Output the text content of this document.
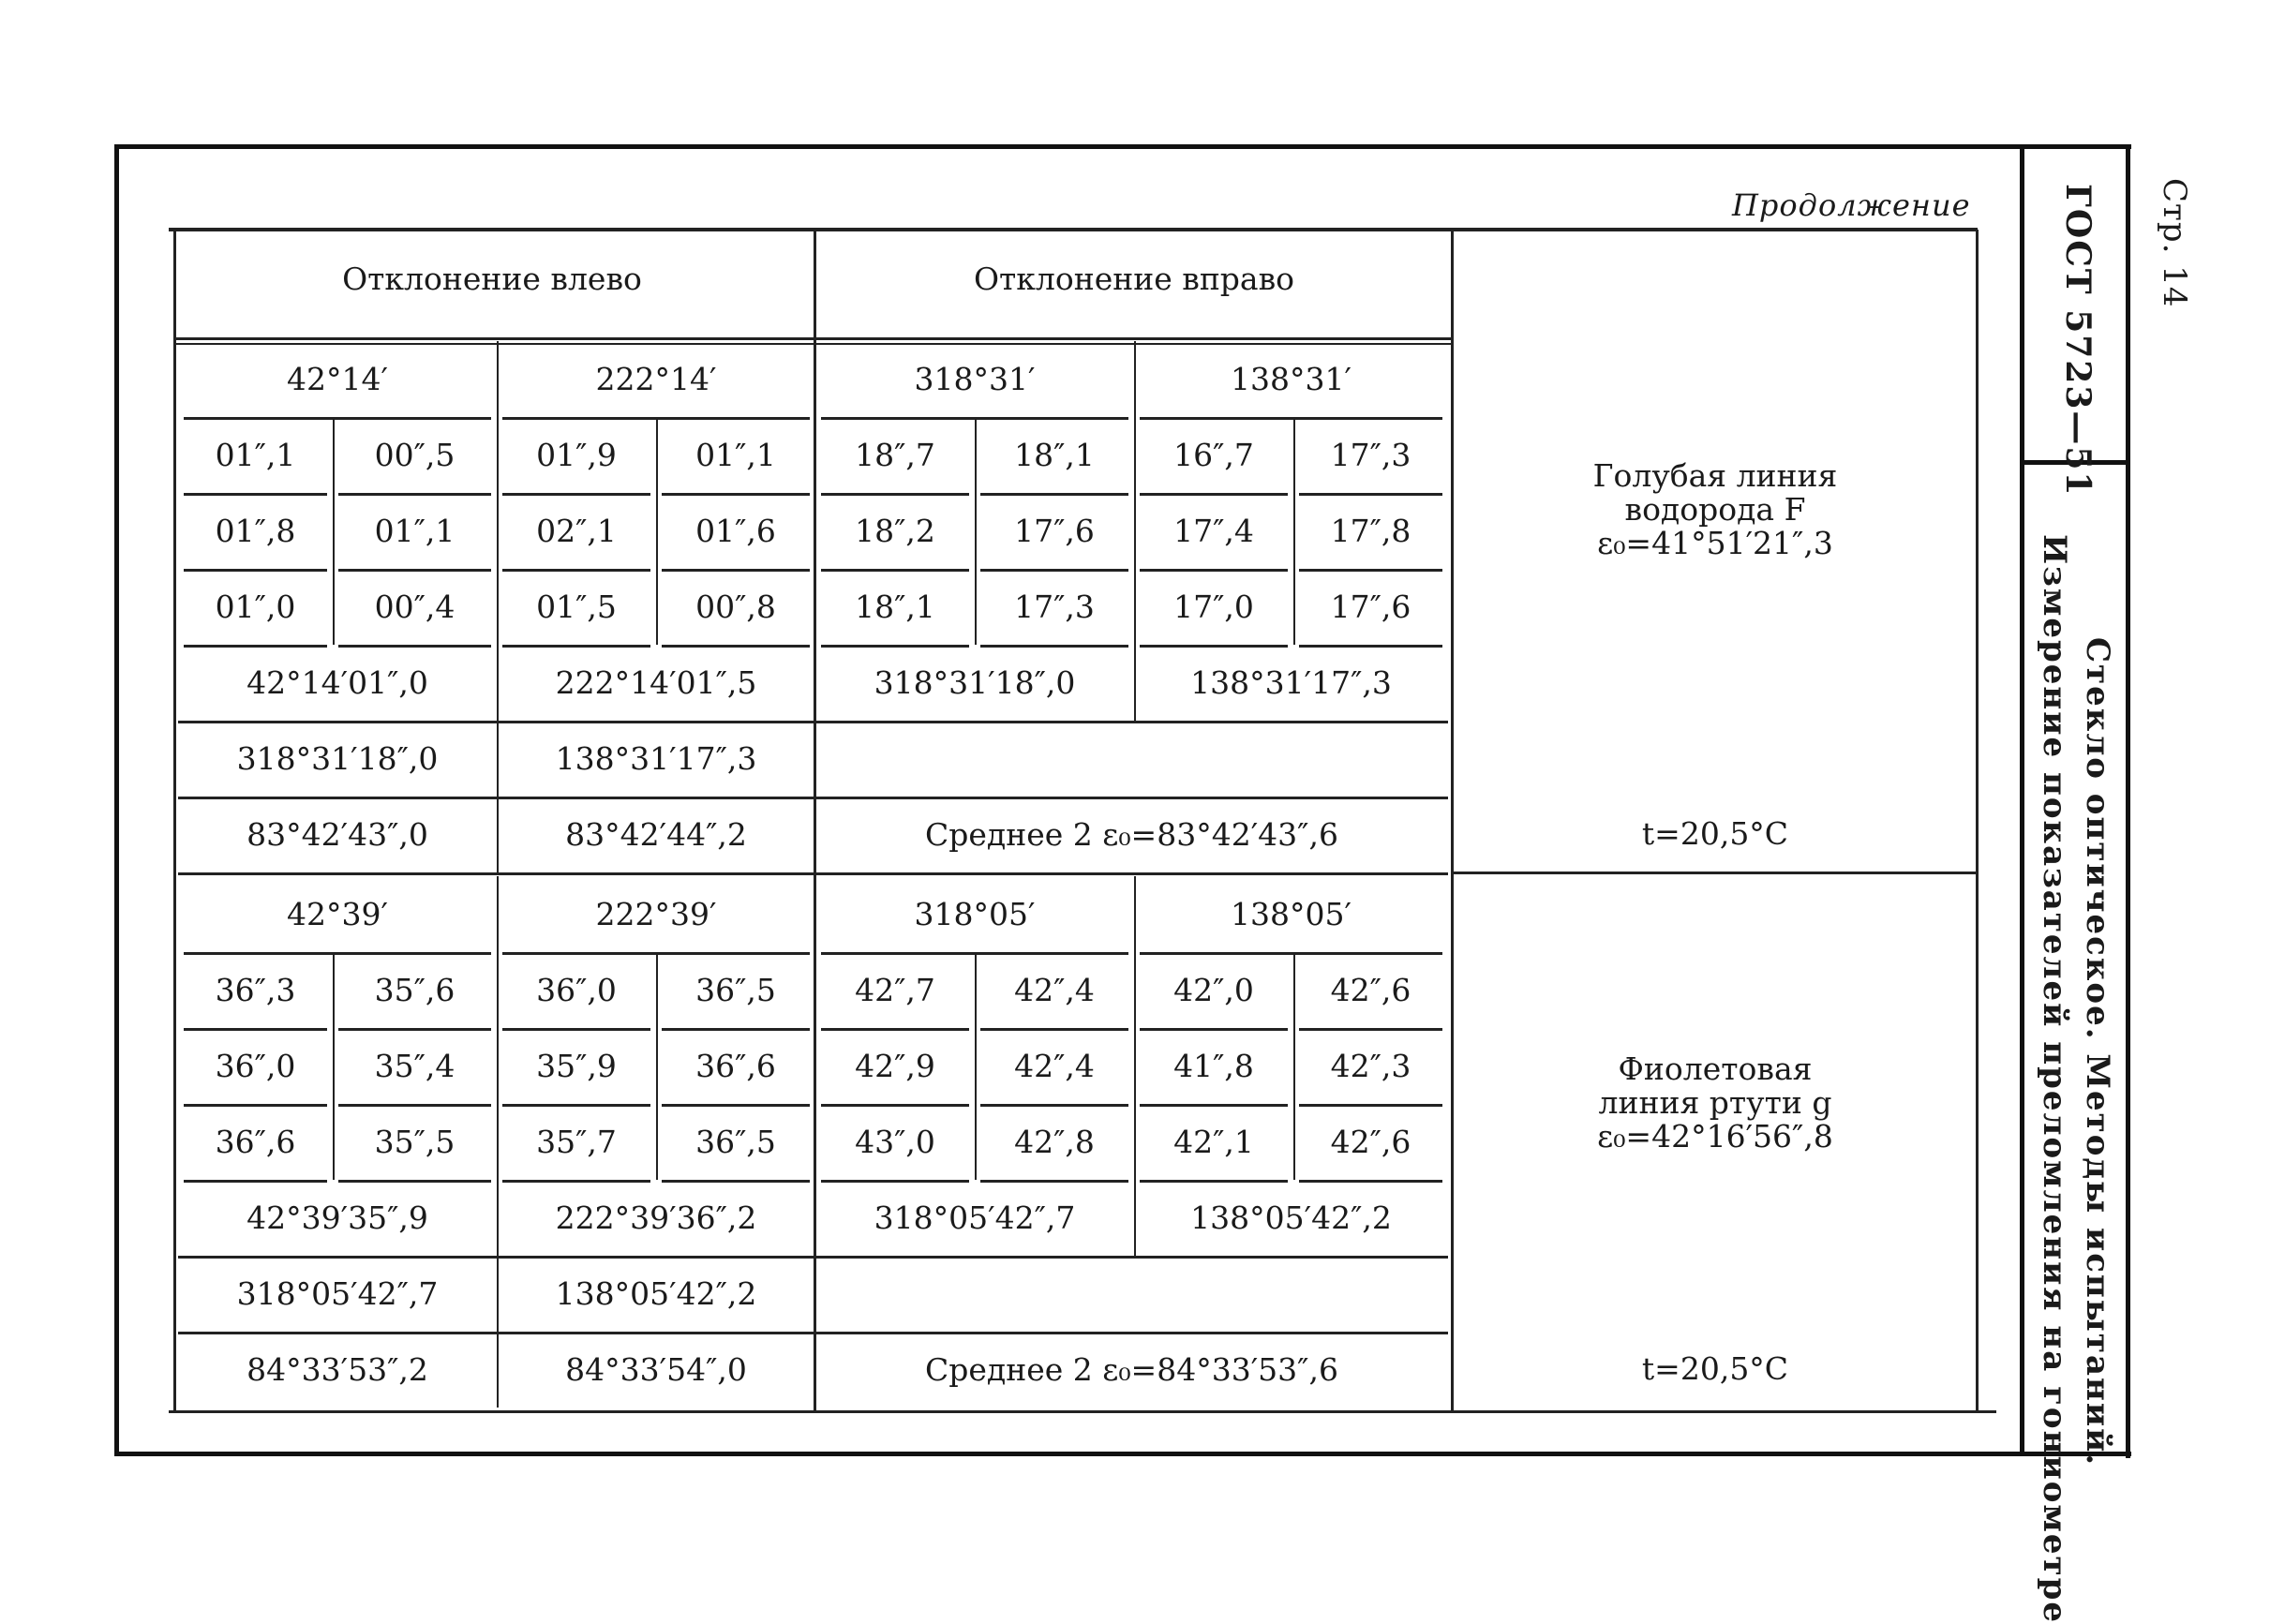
Стр. 14
ГОСТ 5723—51
Стекло оптическое. Методы испытаний.
Измерение показателей преломления на гониометре
Продолжение
Отклонение влево	Отклонение вправо
42°14′	222°14′	318°31′	138°31′
01″,1	00″,5	01″,9	01″,1	18″,7	18″,1	16″,7	17″,3
01″,8	01″,1	02″,1	01″,6	18″,2	17″,6	17″,4	17″,8
01″,0	00″,4	01″,5	00″,8	18″,1	17″,3	17″,0	17″,6
42°14′01″,0	222°14′01″,5	318°31′18″,0	138°31′17″,3
318°31′18″,0	138°31′17″,3
83°42′43″,0	83°42′44″,2	Среднее 2 ε₀=83°42′43″,6
Голубая линия
водорода F
ε₀=41°51′21″,3
t=20,5°C
42°39′	222°39′	318°05′	138°05′
36″,3	35″,6	36″,0	36″,5	42″,7	42″,4	42″,0	42″,6
36″,0	35″,4	35″,9	36″,6	42″,9	42″,4	41″,8	42″,3
36″,6	35″,5	35″,7	36″,5	43″,0	42″,8	42″,1	42″,6
42°39′35″,9	222°39′36″,2	318°05′42″,7	138°05′42″,2
318°05′42″,7	138°05′42″,2
84°33′53″,2	84°33′54″,0	Среднее 2 ε₀=84°33′53″,6
Фиолетовая
линия ртути g
ε₀=42°16′56″,8
t=20,5°C
